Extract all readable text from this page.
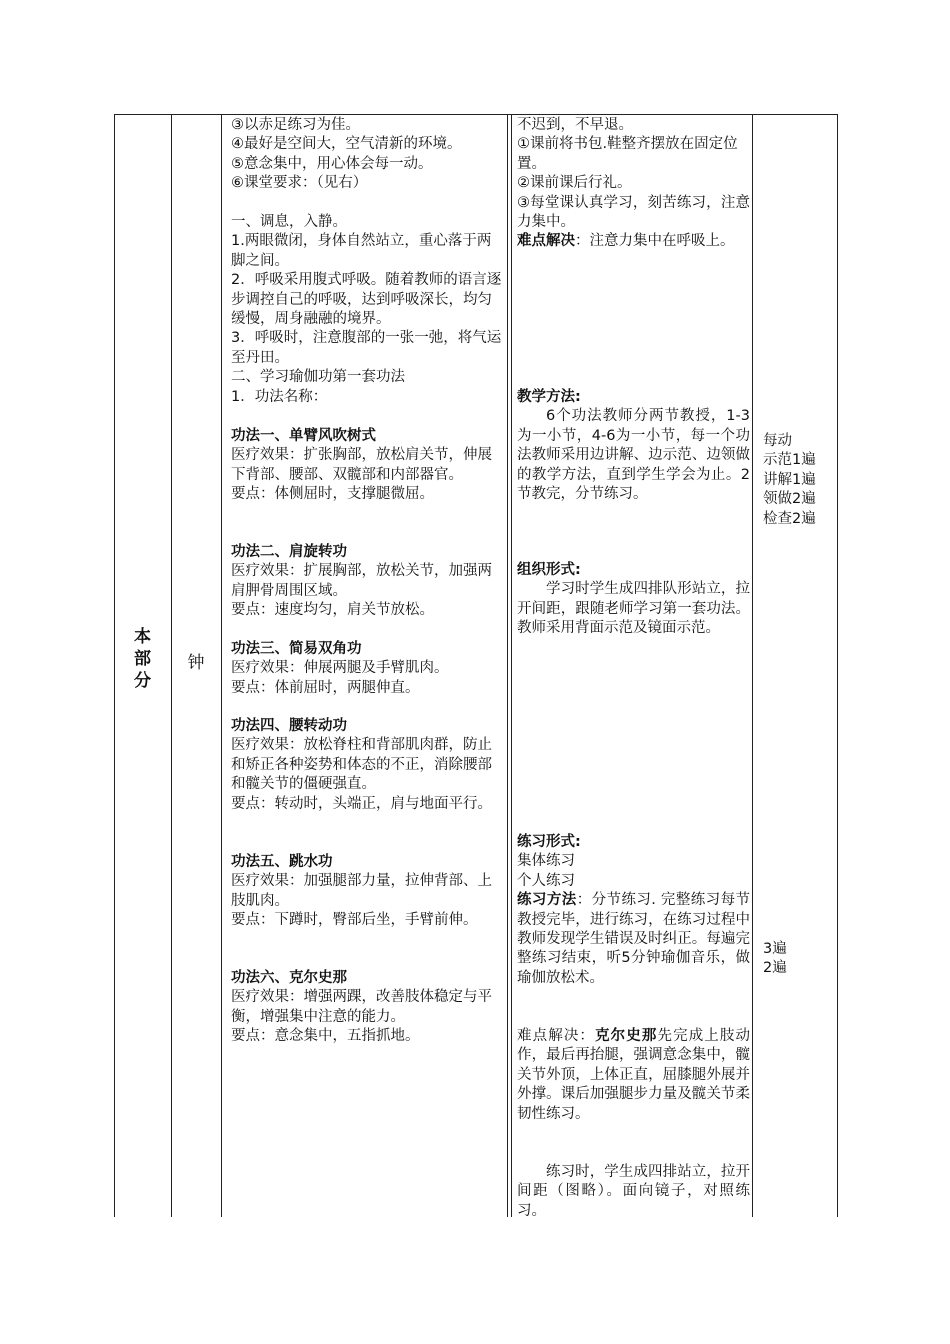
本
部
分
钟
③以赤足练习为佳。
④最好是空间大，空气清新的环境。
⑤意念集中，用心体会每一动。
⑥课堂要求：（见右）
一、调息，入静。
1.两眼微闭，身体自然站立，重心落于两脚之间。
2．呼吸采用腹式呼吸。随着教师的语言逐步调控自己的呼吸，达到呼吸深长，均匀缓慢，周身融融的境界。
3．呼吸时，注意腹部的一张一弛，将气运至丹田。
二、学习瑜伽功第一套功法
1．功法名称：
功法一、单臂风吹树式
医疗效果：扩张胸部，放松肩关节，伸展下背部、腰部、双髋部和内部器官。
要点：体侧屈时，支撑腿微屈。
功法二、肩旋转功
医疗效果：扩展胸部，放松关节，加强两肩胛骨周围区域。
要点：速度均匀，肩关节放松。
功法三、简易双角功
医疗效果：伸展两腿及手臂肌肉。
要点：体前屈时，两腿伸直。
功法四、腰转动功
医疗效果：放松脊柱和背部肌肉群，防止和矫正各种姿势和体态的不正，消除腰部和髋关节的僵硬强直。
要点：转动时，头端正，肩与地面平行。
功法五、跳水功
医疗效果：加强腿部力量，拉伸背部、上肢肌肉。
要点：下蹲时，臀部后坐，手臂前伸。
功法六、克尔史那
医疗效果：增强两踝，改善肢体稳定与平衡，增强集中注意的能力。
要点：意念集中，五指抓地。
不迟到，不早退。
①课前将书包.鞋整齐摆放在固定位置。
②课前课后行礼。
③每堂课认真学习，刻苦练习，注意力集中。
难点解决：注意力集中在呼吸上。
教学方法:
6个功法教师分两节教授，1-3为一小节，4-6为一小节，每一个功法教师采用边讲解、边示范、边领做的教学方法，直到学生学会为止。2节教完，分节练习。
组织形式:
学习时学生成四排队形站立，拉开间距，跟随老师学习第一套功法。教师采用背面示范及镜面示范。
练习形式:
集体练习
个人练习
练习方法：分节练习. 完整练习每节教授完毕，进行练习，在练习过程中教师发现学生错误及时纠正。每遍完整练习结束，听5分钟瑜伽音乐，做瑜伽放松术。
难点解决：克尔史那先完成上肢动作，最后再抬腿，强调意念集中，髋关节外顶，上体正直，屈膝腿外展并外撑。课后加强腿步力量及髋关节柔韧性练习。
练习时，学生成四排站立，拉开间距（图略）。面向镜子，对照练习。
每动
示范1遍
讲解1遍
领做2遍
检查2遍
3遍
2遍
